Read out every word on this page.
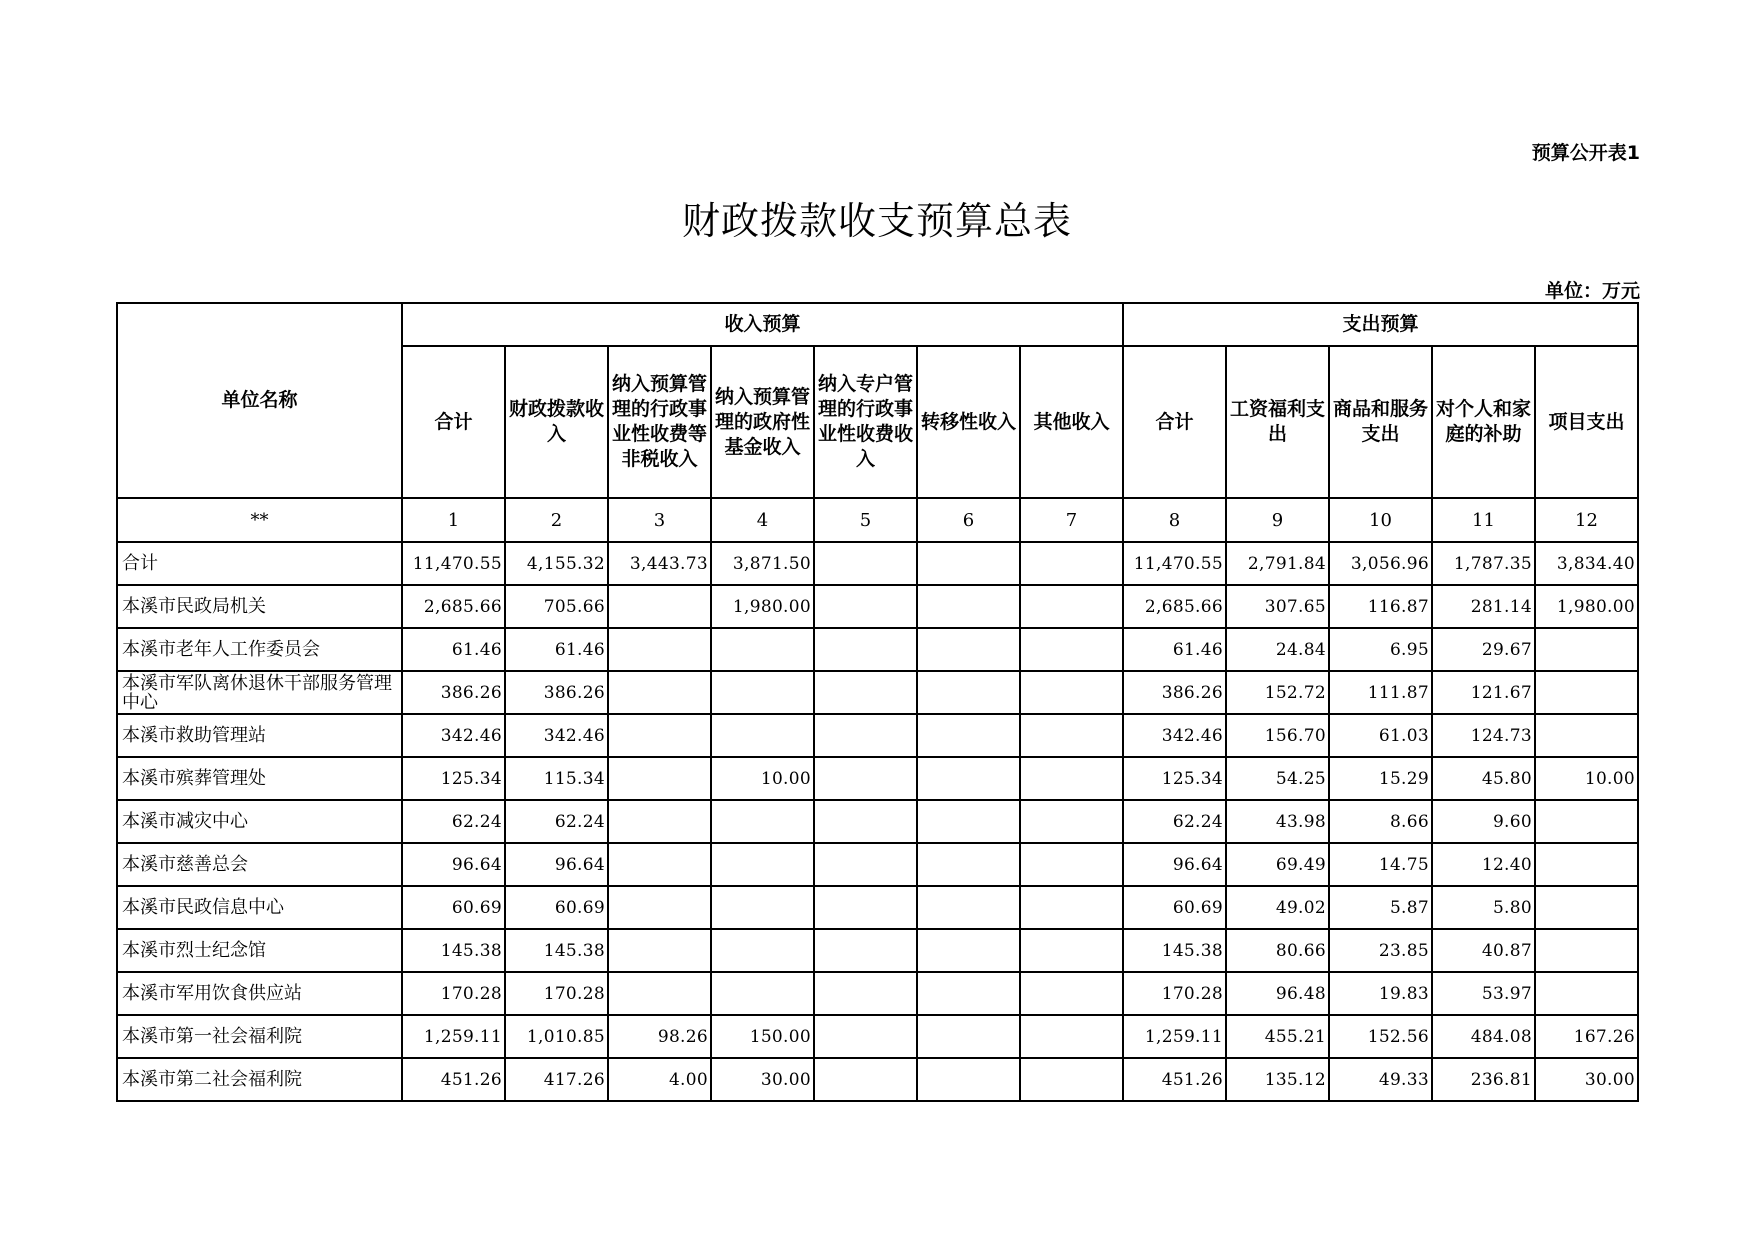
预算公开表1
财政拨款收支预算总表
单位：万元
单位名称	收入预算							支出预算				
	合计	财政拨款收入	纳入预算管理的行政事业性收费等非税收入	纳入预算管理的政府性基金收入	纳入专户管理的行政事业性收费收入	转移性收入	其他收入	合计	工资福利支出	商品和服务支出	对个人和家庭的补助	项目支出
**	1	2	3	4	5	6	7	8	9	10	11	12
合计	11,470.55	4,155.32	3,443.73	3,871.50				11,470.55	2,791.84	3,056.96	1,787.35	3,834.40
本溪市民政局机关	2,685.66	705.66		1,980.00				2,685.66	307.65	116.87	281.14	1,980.00
本溪市老年人工作委员会	61.46	61.46						61.46	24.84	6.95	29.67	
本溪市军队离休退休干部服务管理中心	386.26	386.26						386.26	152.72	111.87	121.67	
本溪市救助管理站	342.46	342.46						342.46	156.70	61.03	124.73	
本溪市殡葬管理处	125.34	115.34		10.00				125.34	54.25	15.29	45.80	10.00
本溪市减灾中心	62.24	62.24						62.24	43.98	8.66	9.60	
本溪市慈善总会	96.64	96.64						96.64	69.49	14.75	12.40	
本溪市民政信息中心	60.69	60.69						60.69	49.02	5.87	5.80	
本溪市烈士纪念馆	145.38	145.38						145.38	80.66	23.85	40.87	
本溪市军用饮食供应站	170.28	170.28						170.28	96.48	19.83	53.97	
本溪市第一社会福利院	1,259.11	1,010.85	98.26	150.00				1,259.11	455.21	152.56	484.08	167.26
本溪市第二社会福利院	451.26	417.26	4.00	30.00				451.26	135.12	49.33	236.81	30.00
